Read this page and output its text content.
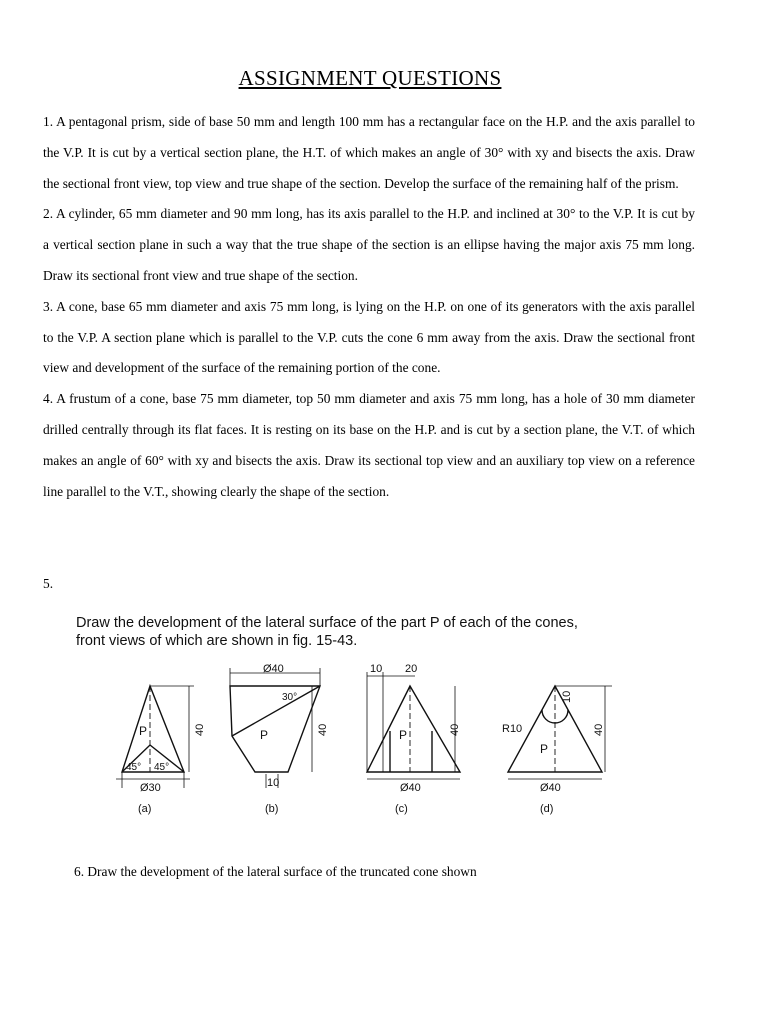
ASSIGNMENT QUESTIONS

1. A pentagonal prism, side of base 50 mm and length 100 mm has a rectangular face on the H.P. and the axis parallel to the V.P. It is cut by a vertical section plane, the H.T. of which makes an angle of 30° with xy and bisects the axis. Draw the sectional front view, top view and true shape of the section. Develop the surface of the remaining half of the prism.

2. A cylinder, 65 mm diameter and 90 mm long, has its axis parallel to the H.P. and inclined at 30° to the V.P. It is cut by a vertical section plane in such a way that the true shape of the section is an ellipse having the major axis 75 mm long. Draw its sectional front view and true shape of the section.

3. A cone, base 65 mm diameter and axis 75 mm long, is lying on the H.P. on one of its generators with the axis parallel to the V.P. A section plane which is parallel to the V.P. cuts the cone 6 mm away from the axis. Draw the sectional front view and development of the surface of the remaining portion of the cone.

4. A frustum of a cone, base 75 mm diameter, top 50 mm diameter and axis 75 mm long, has a hole of 30 mm diameter drilled centrally through its flat faces. It is resting on its base on the H.P. and is cut by a section plane, the V.T. of which makes an angle of 60° with xy and bisects the axis. Draw its sectional top view and an auxiliary top view on a reference line parallel to the V.T., showing clearly the shape of the section.

5.
Draw the development of the lateral surface of the part P of each of the cones,
front views of which are shown in fig. 15-43.
P
45° 45°
Ø30
40
(a)
Ø40
30°
P	40
10
(b)
10 20
P	40
Ø40
(c)
R10
10
P
40
Ø40
(d)
6. Draw the development of the lateral surface of the truncated cone shown
